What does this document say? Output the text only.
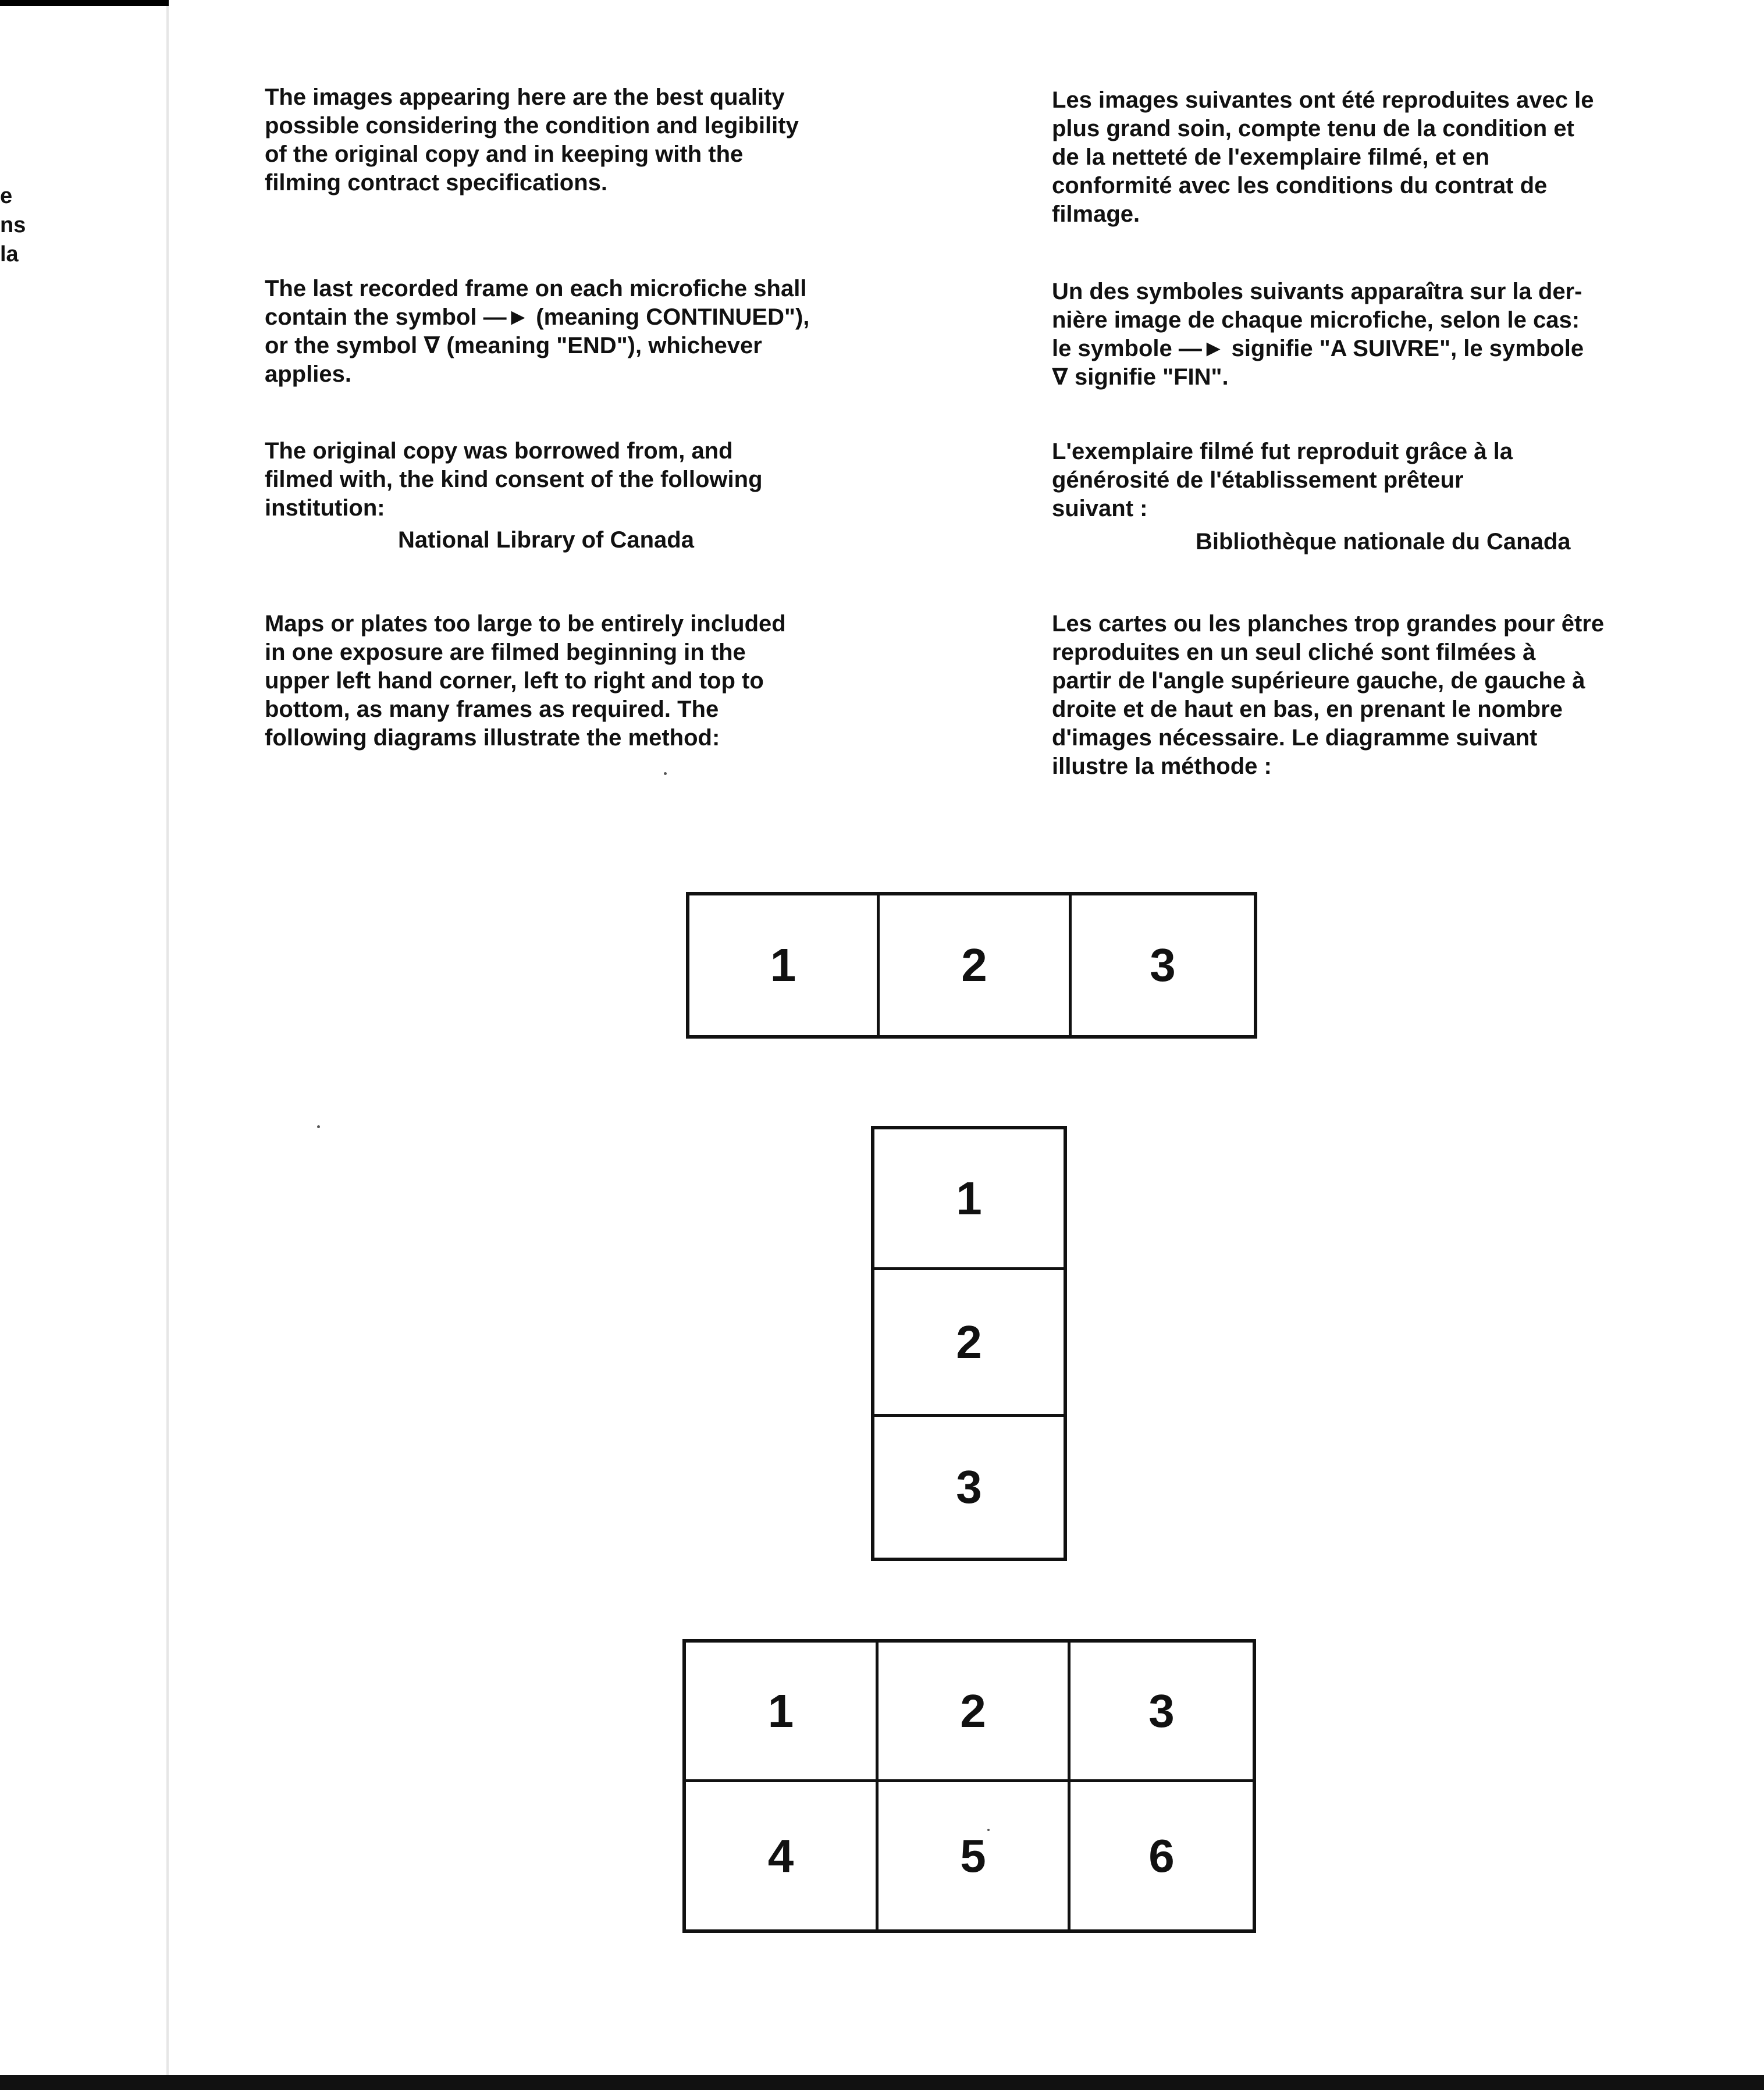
e
ns
la

The images appearing here are the best quality
possible considering the condition and legibility
of the original copy and in keeping with the
filming contract specifications.

The last recorded frame on each microfiche shall
contain the symbol —► (meaning CONTINUED"),
or the symbol ∇ (meaning "END"), whichever
applies.

The original copy was borrowed from, and
filmed with, the kind consent of the following
institution:

National Library of Canada

Maps or plates too large to be entirely included
in one exposure are filmed beginning in the
upper left hand corner, left to right and top to
bottom, as many frames as required. The
following diagrams illustrate the method:

Les images suivantes ont été reproduites avec le
plus grand soin, compte tenu de la condition et
de la netteté de l'exemplaire filmé, et en
conformité avec les conditions du contrat de
filmage.

Un des symboles suivants apparaîtra sur la der-
nière image de chaque microfiche, selon le cas:
le symbole —► signifie "A SUIVRE", le symbole
∇ signifie "FIN".

L'exemplaire filmé fut reproduit grâce à la
générosité de l'établissement prêteur
suivant :

Bibliothèque nationale du Canada

Les cartes ou les planches trop grandes pour être
reproduites en un seul cliché sont filmées à
partir de l'angle supérieure gauche, de gauche à
droite et de haut en bas, en prenant le nombre
d'images nécessaire. Le diagramme suivant
illustre la méthode :

1	2	3
1
2
3
1	2	3
4	5	6
